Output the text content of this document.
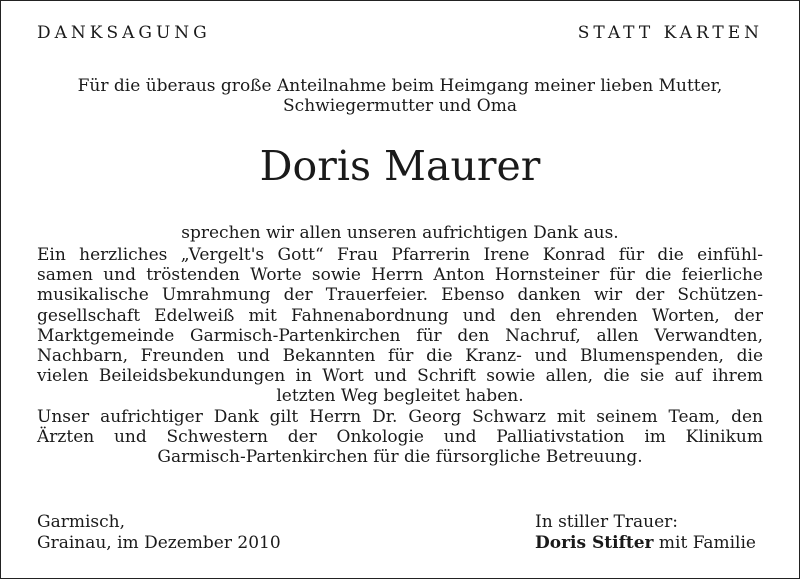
DANKSAGUNG	STATT KARTEN
Für die überaus große Anteilnahme beim Heimgang meiner lieben Mutter,
Schwiegermutter und Oma
Doris Maurer
sprechen wir allen unseren aufrichtigen Dank aus.
Ein herzliches „Vergelt's Gott“ Frau Pfarrerin Irene Konrad für die einfühl-
samen und tröstenden Worte sowie Herrn Anton Hornsteiner für die feierliche
musikalische Umrahmung der Trauerfeier. Ebenso danken wir der Schützen-
gesellschaft Edelweiß mit Fahnenabordnung und den ehrenden Worten, der
Marktgemeinde Garmisch-Partenkirchen für den Nachruf, allen Verwandten,
Nachbarn, Freunden und Bekannten für die Kranz- und Blumenspenden, die
vielen Beileidsbekundungen in Wort und Schrift sowie allen, die sie auf ihrem
letzten Weg begleitet haben.
Unser aufrichtiger Dank gilt Herrn Dr. Georg Schwarz mit seinem Team, den
Ärzten und Schwestern der Onkologie und Palliativstation im Klinikum
Garmisch-Partenkirchen für die fürsorgliche Betreuung.
Garmisch,
Grainau, im Dezember 2010
In stiller Trauer:
Doris Stifter mit Familie
